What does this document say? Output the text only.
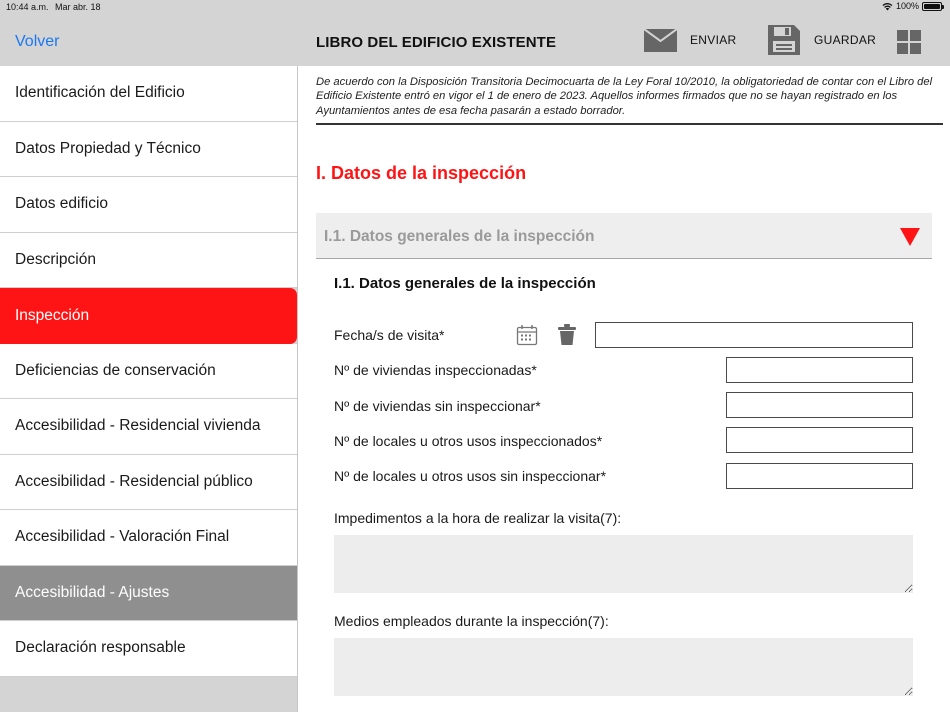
10:44 a.m. Mar abr. 18	100%
Volver	LIBRO DEL EDIFICIO EXISTENTE	ENVIAR	GUARDAR
Identificación del Edificio
Datos Propiedad y Técnico
Datos edificio
Descripción
Inspección
Deficiencias de conservación
Accesibilidad - Residencial vivienda
Accesibilidad - Residencial público
Accesibilidad - Valoración Final
Accesibilidad - Ajustes
Declaración responsable

De acuerdo con la Disposición Transitoria Decimocuarta de la Ley Foral 10/2010, la obligatoriedad de contar con el Libro del Edificio Existente entró en vigor el 1 de enero de 2023. Aquellos informes firmados que no se hayan registrado en los Ayuntamientos antes de esa fecha pasarán a estado borrador.

I. Datos de la inspección
I.1. Datos generales de la inspección
I.1. Datos generales de la inspección
Fecha/s de visita*
Nº de viviendas inspeccionadas*
Nº de viviendas sin inspeccionar*
Nº de locales u otros usos inspeccionados*
Nº de locales u otros usos sin inspeccionar*
Impedimentos a la hora de realizar la visita(7):
Medios empleados durante la inspección(7):
